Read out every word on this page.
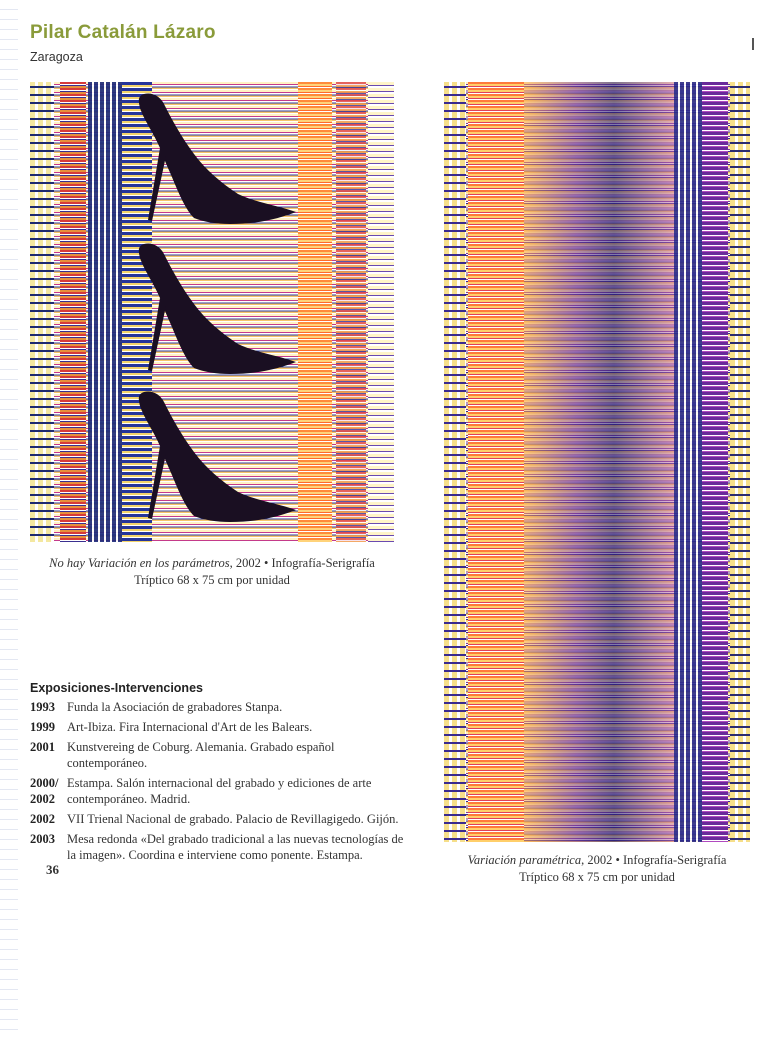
Pilar Catalán Lázaro
Zaragoza
No hay Variación en los parámetros, 2002 • Infografía-Serigrafía
Tríptico 68 x 75 cm por unidad
Variación paramétrica, 2002 • Infografía-Serigrafía
Tríptico 68 x 75 cm por unidad
Exposiciones-Intervenciones
1993 Funda la Asociación de grabadores Stanpa.
1999 Art-Ibiza. Fira Internacional d'Art de les Balears.
2001 Kunstvereing de Coburg. Alemania. Grabado español contemporáneo.
2000/ 2002
Estampa. Salón internacional del grabado y ediciones de arte contemporáneo. Madrid.
2002 VII Trienal Nacional de grabado. Palacio de Revillagigedo. Gijón.
2003 Mesa redonda «Del grabado tradicional a las nuevas tecnologías de la imagen». Coordina e interviene como ponente. Estampa.
36
